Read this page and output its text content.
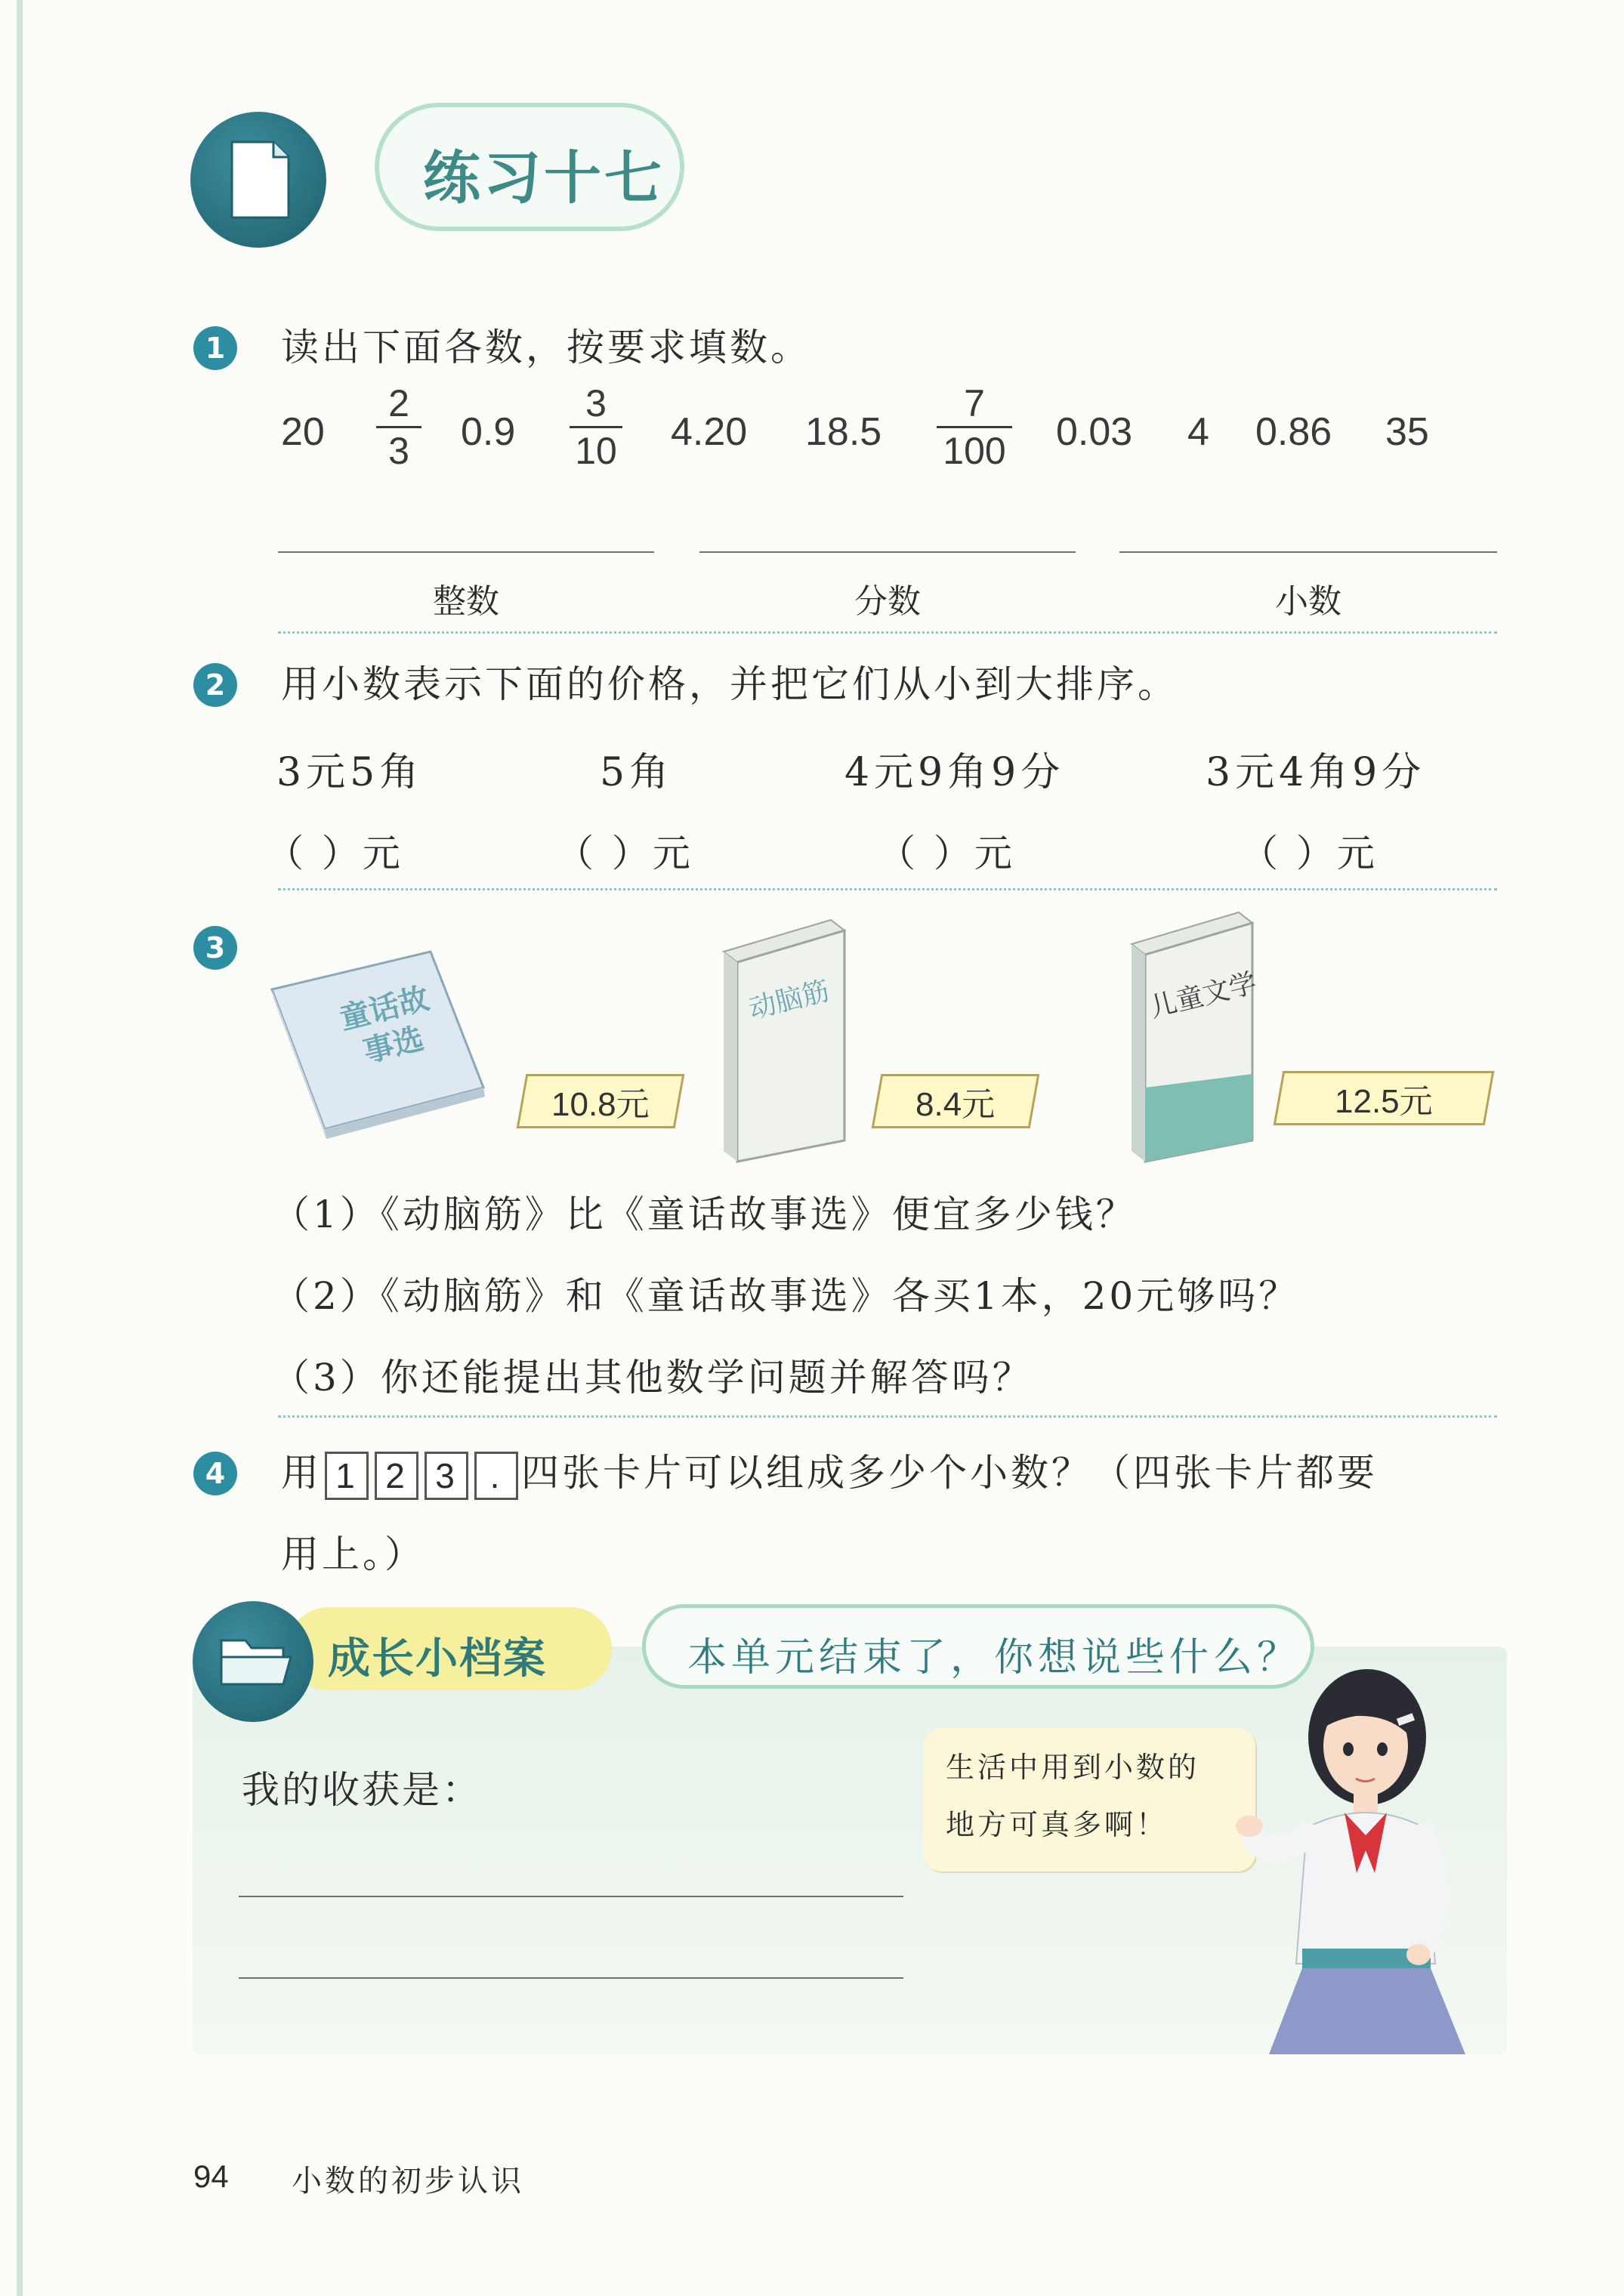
练习十七
1	读出下面各数，按要求填数。
20
2
3 0.9
3
10 4.20 18.5
7
100 0.03 4 0.86 35
整数	分数	小数
2	用小数表示下面的价格，并把它们从小到大排序。
3元5角	5角	4元9角9分	3元4角9分
（ ）元	（ ）元	（ ）元	（ ）元
3
童话故事选
10.8元
动脑筋
8.4元
儿童文学
12.5元
（1）《动脑筋》比《童话故事选》便宜多少钱？
（2）《动脑筋》和《童话故事选》各买1本，20元够吗？
（3）你还能提出其他数学问题并解答吗？
4	用 1 2 3 . 四张卡片可以组成多少个小数？（四张卡片都要
用上。）
成长小档案	本单元结束了，你想说些什么？
我的收获是：
生活中用到小数的
地方可真多啊！
94 小数的初步认识
